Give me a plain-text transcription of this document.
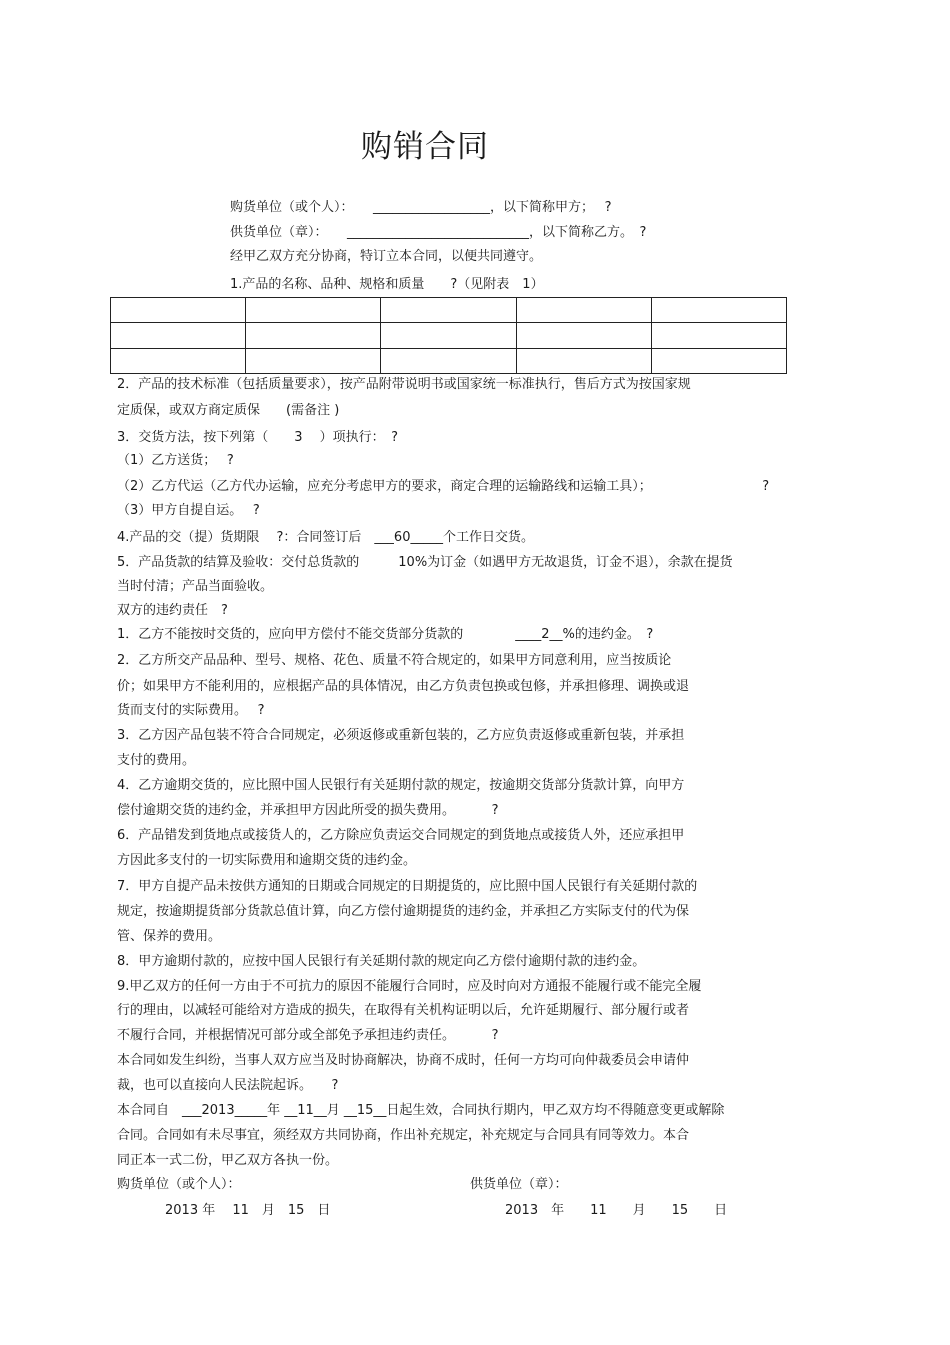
购销合同
购货单位（或个人）：　　__________________，以下简称甲方；　 ?
供货单位（章）：　　____________________________，以下简称乙方。　?
经甲乙双方充分协商，特订立本合同，以便共同遵守。
1.产品的名称、品种、规格和质量　　?（见附表　1）

2．产品的技术标准（包括质量要求），按产品附带说明书或国家统一标准执行，售后方式为按国家规
定质保，或双方商定质保　　(需备注 )
3．交货方法，按下列第（　　3　 ）项执行：　?
（1）乙方送货；　 ?
（2）乙方代运（乙方代办运输，应充分考虑甲方的要求，商定合理的运输路线和运输工具）；　　　　　　　　　?
（3）甲方自提自运。　 ?
4.产品的交（提）货期限　 ?：合同签订后　___60_____个工作日交货。
5．产品货款的结算及验收：交付总货款的　　　10%为订金（如遇甲方无故退货，订金不退），余款在提货
当时付清；产品当面验收。
双方的违约责任　?
1．乙方不能按时交货的，应向甲方偿付不能交货部分货款的　　　　____2__%的违约金。　?
2．乙方所交产品品种、型号、规格、花色、质量不符合规定的，如果甲方同意利用，应当按质论
价；如果甲方不能利用的，应根据产品的具体情况，由乙方负责包换或包修，并承担修理、调换或退
货而支付的实际费用。　 ?
3．乙方因产品包装不符合合同规定，必须返修或重新包装的，乙方应负责返修或重新包装，并承担
支付的费用。
4．乙方逾期交货的，应比照中国人民银行有关延期付款的规定，按逾期交货部分货款计算，向甲方
偿付逾期交货的违约金，并承担甲方因此所受的损失费用。　　　 ?
6．产品错发到货地点或接货人的，乙方除应负责运交合同规定的到货地点或接货人外，还应承担甲
方因此多支付的一切实际费用和逾期交货的违约金。
7．甲方自提产品未按供方通知的日期或合同规定的日期提货的，应比照中国人民银行有关延期付款的
规定，按逾期提货部分货款总值计算，向乙方偿付逾期提货的违约金，并承担乙方实际支付的代为保
管、保养的费用。
8．甲方逾期付款的，应按中国人民银行有关延期付款的规定向乙方偿付逾期付款的违约金。
9.甲乙双方的任何一方由于不可抗力的原因不能履行合同时，应及时向对方通报不能履行或不能完全履
行的理由，以减轻可能给对方造成的损失，在取得有关机构证明以后，允许延期履行、部分履行或者
不履行合同，并根据情况可部分或全部免予承担违约责任。　　　 ?
本合同如发生纠纷，当事人双方应当及时协商解决，协商不成时，任何一方均可向仲裁委员会申请仲
裁，也可以直接向人民法院起诉。　　?
本合同自　___2013_____年 __11__月 __15__日起生效，合同执行期内，甲乙双方均不得随意变更或解除
合同。合同如有未尽事宜，须经双方共同协商，作出补充规定，补充规定与合同具有同等效力。本合
同正本一式二份，甲乙双方各执一份。
购货单位（或个人）：	供货单位（章）：
2013 年　 11　月　15　日	2013　年　　11　　月　　15　　日
